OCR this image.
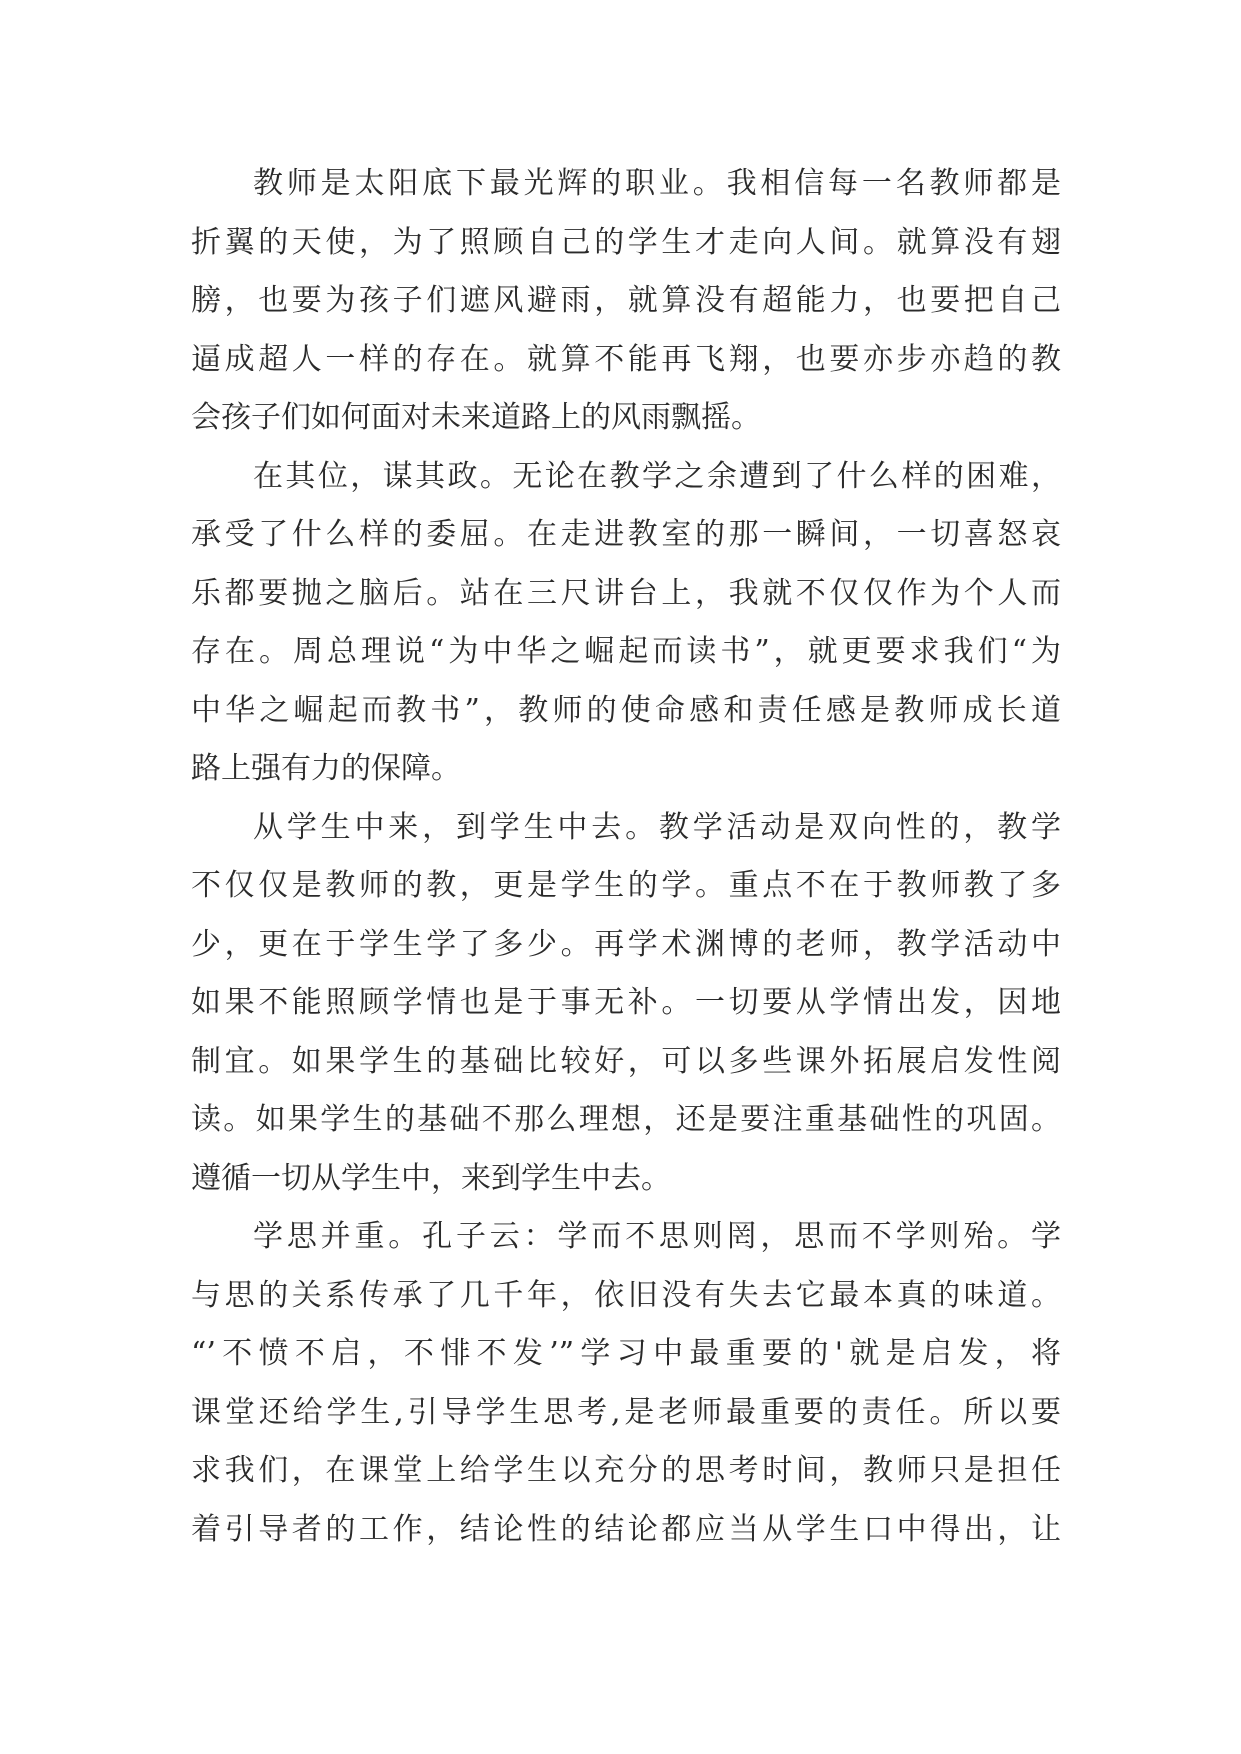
教师是太阳底下最光辉的职业。我相信每一名教师都是
折翼的天使，为了照顾自己的学生才走向人间。就算没有翅
膀，也要为孩子们遮风避雨，就算没有超能力，也要把自己
逼成超人一样的存在。就算不能再飞翔，也要亦步亦趋的教
会孩子们如何面对未来道路上的风雨飘摇。
在其位，谋其政。无论在教学之余遭到了什么样的困难，
承受了什么样的委屈。在走进教室的那一瞬间，一切喜怒哀
乐都要抛之脑后。站在三尺讲台上，我就不仅仅作为个人而
存在。周总理说“为中华之崛起而读书”，就更要求我们“为
中华之崛起而教书”，教师的使命感和责任感是教师成长道
路上强有力的保障。
从学生中来，到学生中去。教学活动是双向性的，教学
不仅仅是教师的教，更是学生的学。重点不在于教师教了多
少，更在于学生学了多少。再学术渊博的老师，教学活动中
如果不能照顾学情也是于事无补。一切要从学情出发，因地
制宜。如果学生的基础比较好，可以多些课外拓展启发性阅
读。如果学生的基础不那么理想，还是要注重基础性的巩固。
遵循一切从学生中，来到学生中去。
学思并重。孔子云：学而不思则罔，思而不学则殆。学
与思的关系传承了几千年，依旧没有失去它最本真的味道。
“’不愤不启，不悱不发’”学习中最重要的'就是启发，将
课堂还给学生,引导学生思考,是老师最重要的责任。所以要
求我们，在课堂上给学生以充分的思考时间，教师只是担任
着引导者的工作，结论性的结论都应当从学生口中得出，让
